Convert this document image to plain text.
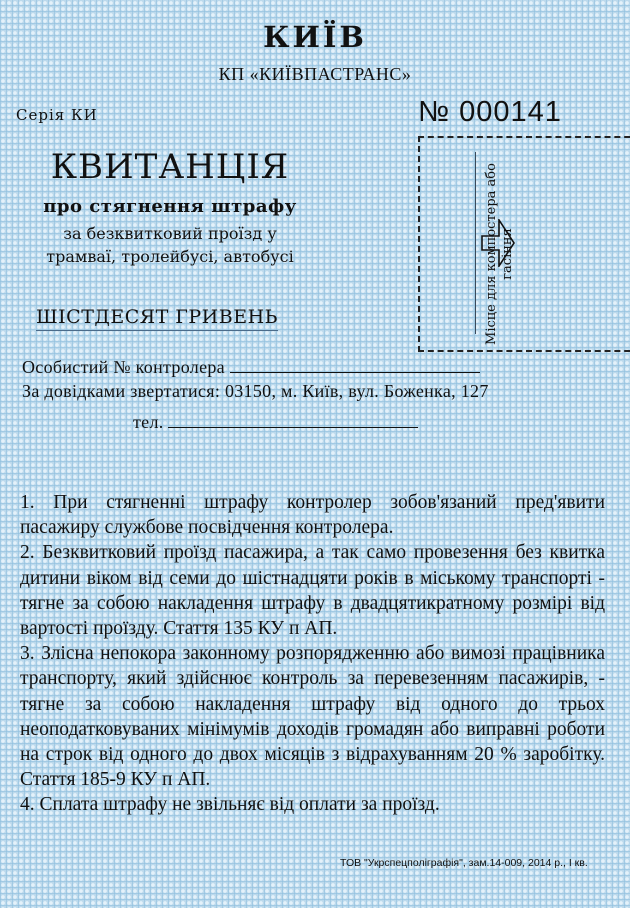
КИЇВ
КП «КИЇВПАСТРАНС»
Серія КИ	№ 000141
КВИТАНЦІЯ
про стягнення штрафу
за безквитковий проїзд у
трамваї, тролейбусі, автобусі
ШІСТДЕСЯТ ГРИВЕНЬ	Місце для компостера або гасіння
Особистий № контролера
За довідками звертатися: 03150, м. Київ, вул. Боженка, 127
тел.

1. При стягненні штрафу контролер зобов'язаний пред'явити пасажиру службове посвідчення контролера.

2. Безквитковий проїзд пасажира, а так само провезення без квитка дитини віком від семи до шістнадцяти років в міському транспорті - тягне за собою накладення штрафу в двадцятикратному розмірі від вартості проїзду. Стаття 135 КУ п АП.

3. Злісна непокора законному розпорядженню або вимозі працівника транспорту, який здійснює контроль за перевезенням пасажирів, - тягне за собою накладення штрафу від одного до трьох неоподатковуваних мінімумів доходів громадян або виправні роботи на строк від одного до двох місяців з відрахуванням 20 % заробітку. Стаття 185-9 КУ п АП.

4. Сплата штрафу не звільняє від оплати за проїзд.

ТОВ "Укрспецполіграфія", зам.14-009, 2014 р., I кв.
